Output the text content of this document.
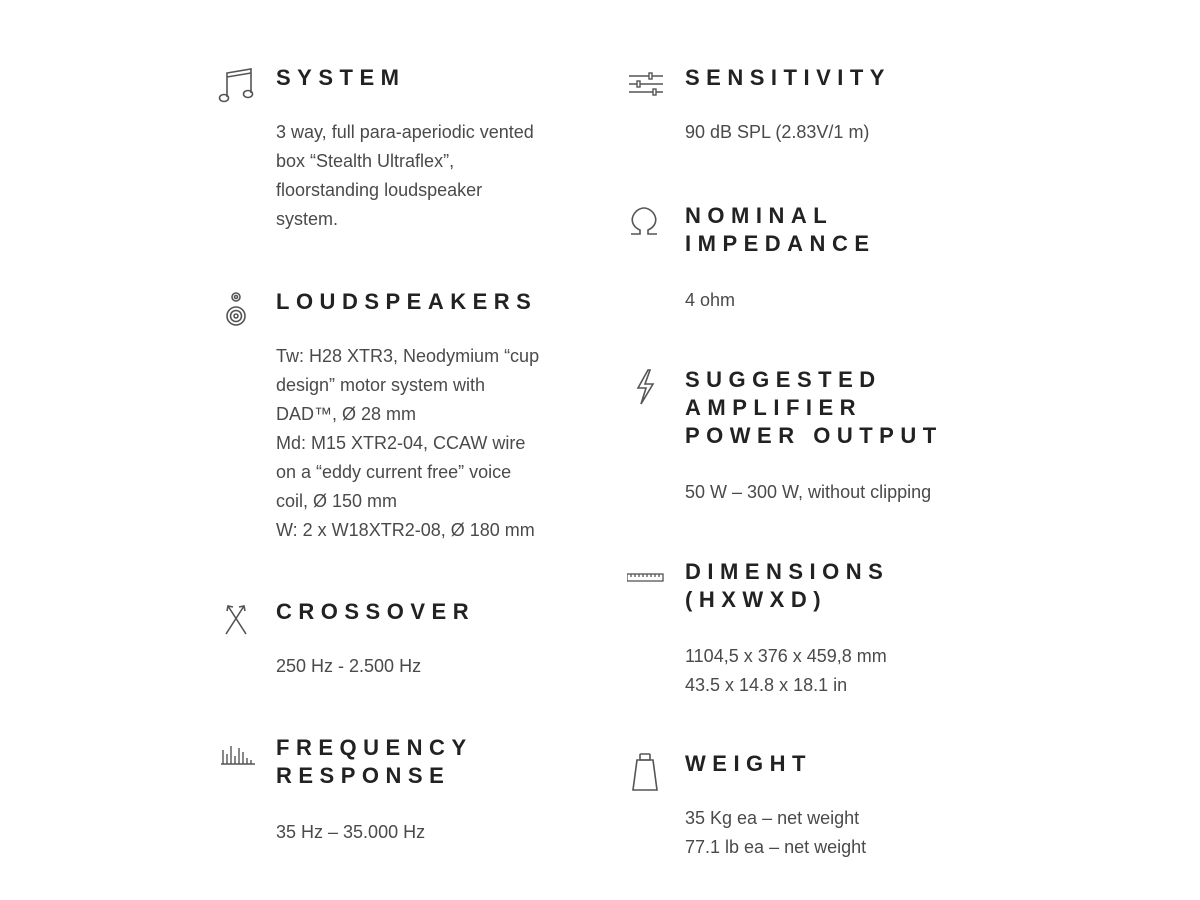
SYSTEM
3 way, full para-aperiodic vented
box “Stealth Ultraflex”,
floorstanding loudspeaker
system.
LOUDSPEAKERS
Tw: H28 XTR3, Neodymium “cup
design” motor system with
DAD™, Ø 28 mm
Md: M15 XTR2-04, CCAW wire
on a “eddy current free” voice
coil, Ø 150 mm
W: 2 x W18XTR2-08, Ø 180 mm
CROSSOVER
250 Hz - 2.500 Hz
FREQUENCY
RESPONSE
35 Hz – 35.000 Hz
SENSITIVITY
90 dB SPL (2.83V/1 m)
NOMINAL
IMPEDANCE
4 ohm
SUGGESTED
AMPLIFIER
POWER OUTPUT
50 W – 300 W, without clipping
DIMENSIONS
(HXWXD)
1104,5 x 376 x 459,8 mm
43.5 x 14.8 x 18.1 in
WEIGHT
35 Kg ea – net weight
77.1 lb ea – net weight
